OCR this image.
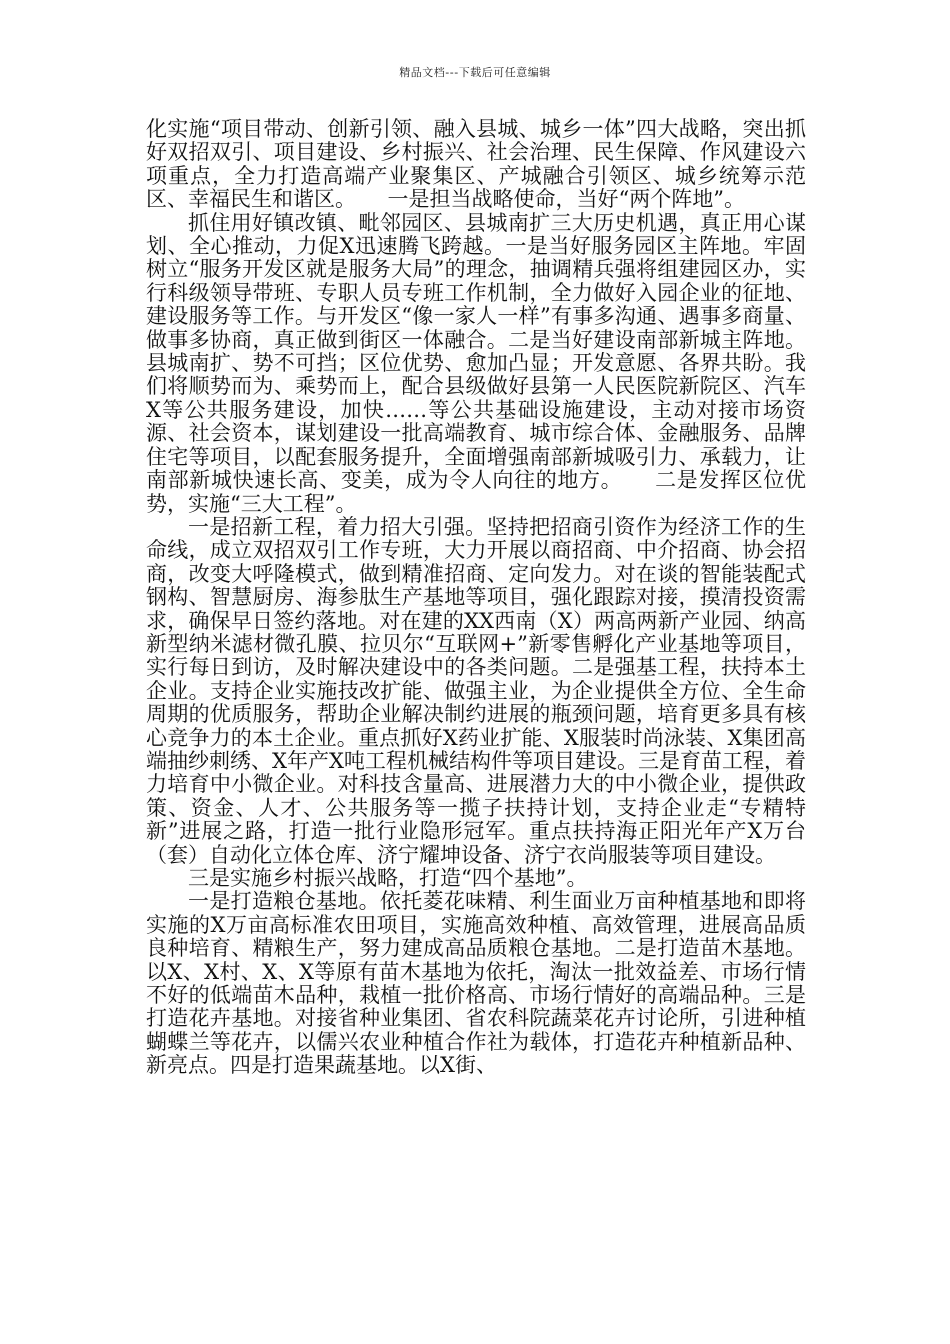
精品文档---下载后可任意编辑

化实施“项目带动、创新引领、融入县城、城乡一体”四大战略，突出抓好双招双引、项目建设、乡村振兴、社会治理、民生保障、作风建设六项重点，全力打造高端产业聚集区、产城融合引领区、城乡统筹示范区、幸福民生和谐区。　　一是担当战略使命，当好“两个阵地”。

抓住用好镇改镇、毗邻园区、县城南扩三大历史机遇，真正用心谋划、全心推动，力促X迅速腾飞跨越。一是当好服务园区主阵地。牢固树立“服务开发区就是服务大局”的理念，抽调精兵强将组建园区办，实行科级领导带班、专职人员专班工作机制，全力做好入园企业的征地、建设服务等工作。与开发区“像一家人一样”有事多沟通、遇事多商量、做事多协商，真正做到街区一体融合。二是当好建设南部新城主阵地。县城南扩、势不可挡；区位优势、愈加凸显；开发意愿、各界共盼。我们将顺势而为、乘势而上，配合县级做好县第一人民医院新院区、汽车X等公共服务建设，加快……等公共基础设施建设，主动对接市场资源、社会资本，谋划建设一批高端教育、城市综合体、金融服务、品牌住宅等项目，以配套服务提升，全面增强南部新城吸引力、承载力，让南部新城快速长高、变美，成为令人向往的地方。　　二是发挥区位优势，实施“三大工程”。

一是招新工程，着力招大引强。坚持把招商引资作为经济工作的生命线，成立双招双引工作专班，大力开展以商招商、中介招商、协会招商，改变大呼隆模式，做到精准招商、定向发力。对在谈的智能装配式钢构、智慧厨房、海参肽生产基地等项目，强化跟踪对接，摸清投资需求，确保早日签约落地。对在建的XX西南（X）两高两新产业园、纳高新型纳米滤材微孔膜、拉贝尔“互联网+”新零售孵化产业基地等项目，实行每日到访，及时解决建设中的各类问题。二是强基工程，扶持本土企业。支持企业实施技改扩能、做强主业，为企业提供全方位、全生命周期的优质服务，帮助企业解决制约进展的瓶颈问题，培育更多具有核心竞争力的本土企业。重点抓好X药业扩能、X服装时尚泳装、X集团高端抽纱刺绣、X年产X吨工程机械结构件等项目建设。三是育苗工程，着力培育中小微企业。对科技含量高、进展潜力大的中小微企业，提供政策、资金、人才、公共服务等一揽子扶持计划，支持企业走“专精特新”进展之路，打造一批行业隐形冠军。重点扶持海正阳光年产X万台（套）自动化立体仓库、济宁耀坤设备、济宁衣尚服装等项目建设。

三是实施乡村振兴战略，打造“四个基地”。

一是打造粮仓基地。依托菱花味精、利生面业万亩种植基地和即将实施的X万亩高标准农田项目，实施高效种植、高效管理，进展高品质良种培育、精粮生产，努力建成高品质粮仓基地。二是打造苗木基地。以X、X村、X、X等原有苗木基地为依托，淘汰一批效益差、市场行情不好的低端苗木品种，栽植一批价格高、市场行情好的高端品种。三是打造花卉基地。对接省种业集团、省农科院蔬菜花卉讨论所，引进种植蝴蝶兰等花卉，以儒兴农业种植合作社为载体，打造花卉种植新品种、新亮点。四是打造果蔬基地。以X街、
